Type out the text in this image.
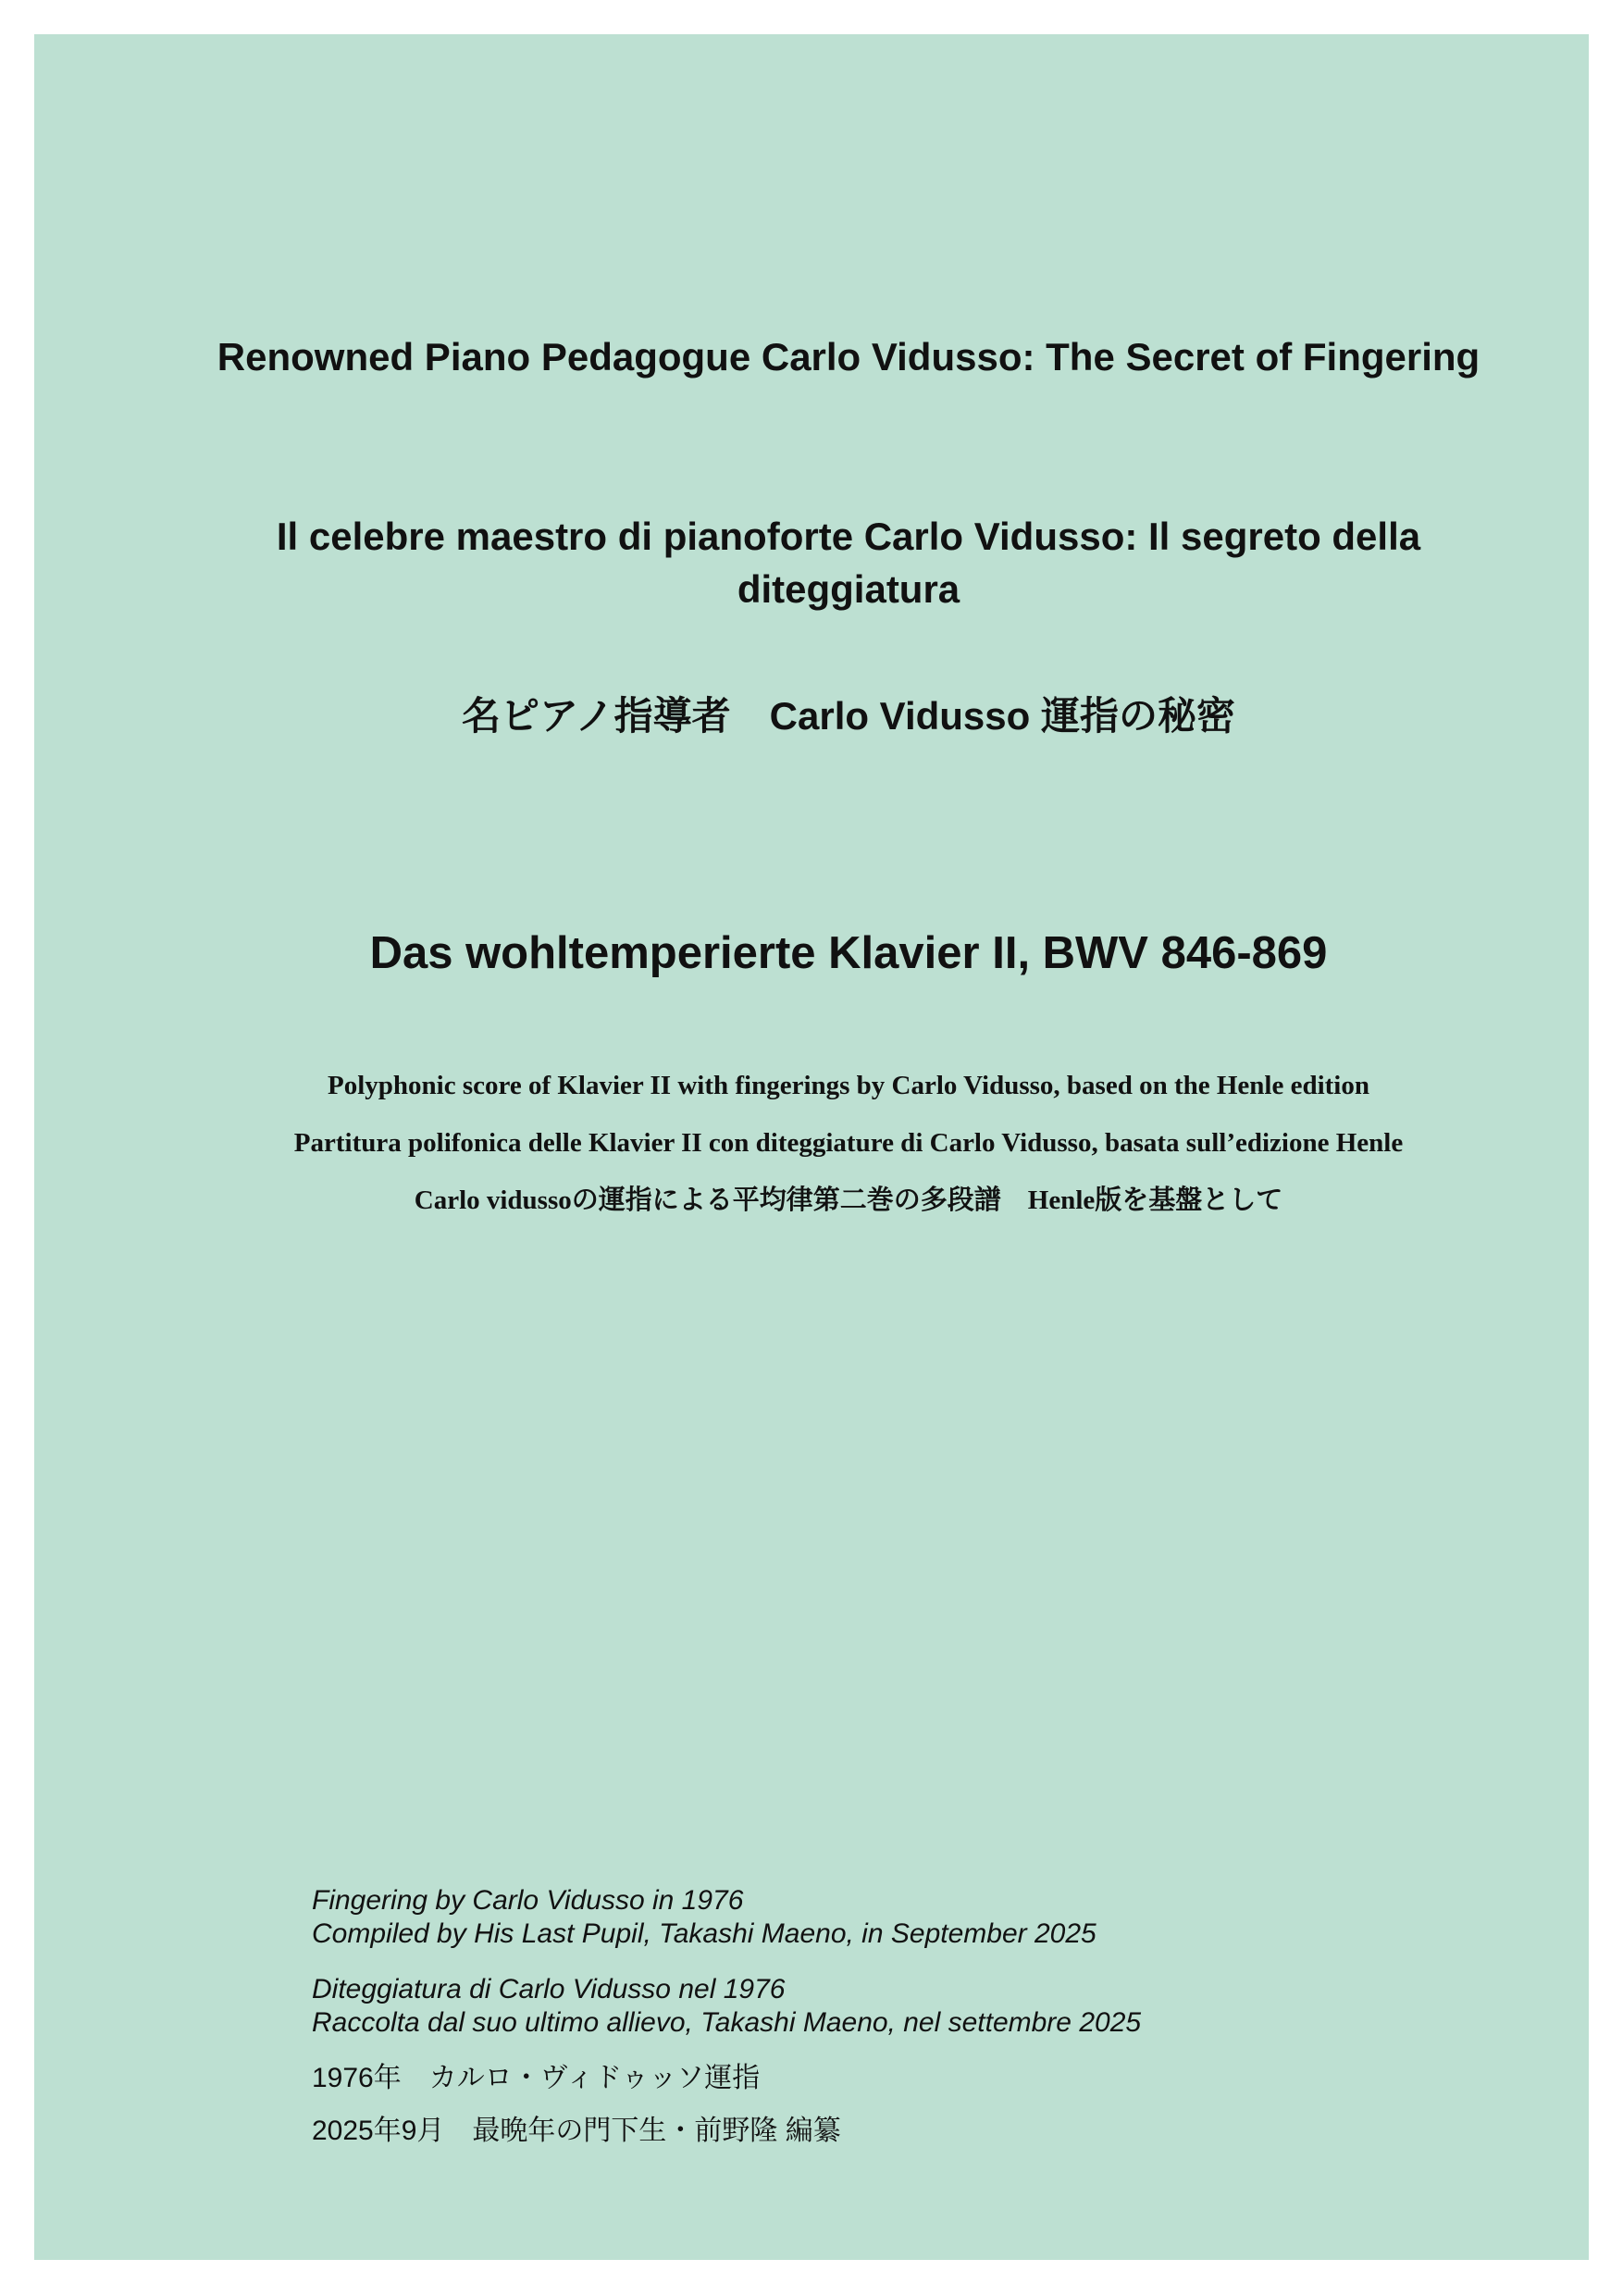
Renowned Piano Pedagogue Carlo Vidusso: The Secret of Fingering
Il celebre maestro di pianoforte Carlo Vidusso: Il segreto della diteggiatura
名ピアノ指導者　Carlo Vidusso 運指の秘密
Das wohltemperierte Klavier II, BWV 846-869
Polyphonic score of Klavier II with fingerings by Carlo Vidusso, based on the Henle edition
Partitura polifonica delle Klavier II con diteggiature di Carlo Vidusso, basata sull’edizione Henle
Carlo vidussoの運指による平均律第二巻の多段譜　Henle版を基盤として
Fingering by Carlo Vidusso in 1976
Compiled by His Last Pupil, Takashi Maeno, in September 2025
Diteggiatura di Carlo Vidusso nel 1976
Raccolta dal suo ultimo allievo, Takashi Maeno, nel settembre 2025
1976年　カルロ・ヴィドゥッソ運指
2025年9月　最晩年の門下生・前野隆 編纂
